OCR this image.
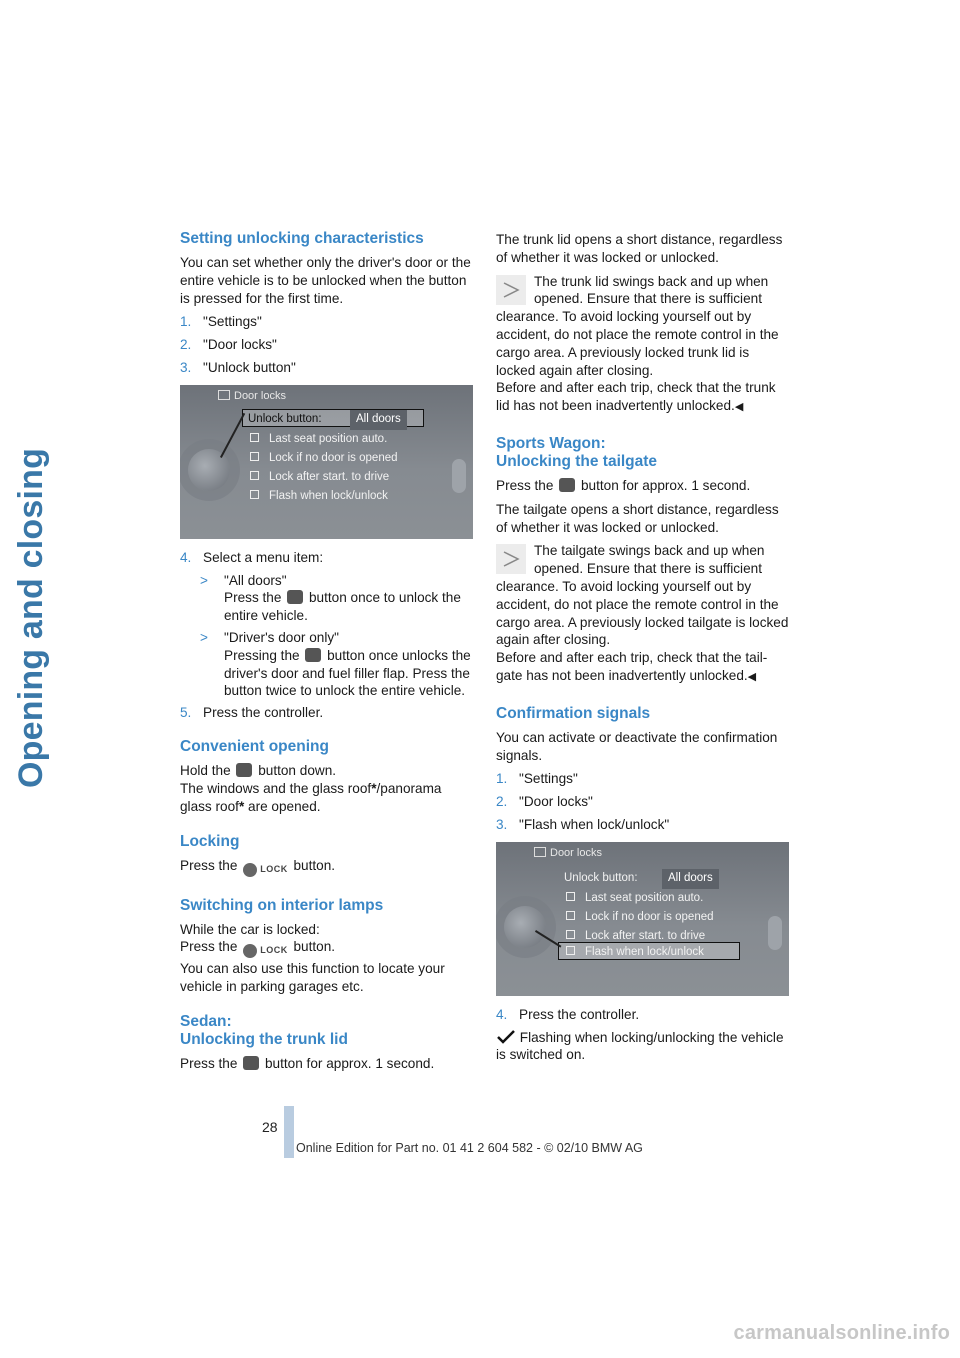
Opening and closing
Setting unlocking characteristics

You can set whether only the driver's door or the entire vehicle is to be unlocked when the button is pressed for the first time.

1. "Settings"
2. "Door locks"
3. "Unlock button"
Door locks
Unlock button:	All doors
Last seat position auto.
Lock if no door is opened
Lock after start. to drive
Flash when lock/unlock
4. Select a menu item:
>	"All doors"
Press the button once to unlock the entire vehicle.
>	"Driver's door only"
Pressing the button once unlocks the driver's door and fuel filler flap. Press the button twice to unlock the entire vehicle.
5. Press the controller.
Convenient opening

Hold the button down.
The windows and the glass roof*/panorama glass roof* are opened.

Locking

Press the	LOCK button.

Switching on interior lamps

While the car is locked:
Press the	LOCK button.
You can also use this function to locate your vehicle in parking garages etc.

Sedan:
Unlocking the trunk lid

Press the button for approx. 1 second.

The trunk lid opens a short distance, regardless of whether it was locked or unlocked.

The trunk lid swings back and up when opened. Ensure that there is sufficient clearance. To avoid locking yourself out by accident, do not place the remote control in the cargo area. A previously locked trunk lid is locked again after closing.
Before and after each trip, check that the trunk lid has not been inadvertently unlocked.◀
Sports Wagon:
Unlocking the tailgate

Press the button for approx. 1 second.

The tailgate opens a short distance, regardless of whether it was locked or unlocked.

The tailgate swings back and up when opened. Ensure that there is sufficient clearance. To avoid locking yourself out by accident, do not place the remote control in the cargo area. A previously locked tailgate is locked again after closing.
Before and after each trip, check that the tail-gate has not been inadvertently unlocked.◀
Confirmation signals

You can activate or deactivate the confirmation signals.

1. "Settings"
2. "Door locks"
3. "Flash when lock/unlock"
Door locks
Unlock button:	All doors
Last seat position auto.
Lock if no door is opened
Lock after start. to drive
Flash when lock/unlock
4. Press the controller.

Flashing when locking/unlocking the vehicle is switched on.

28
Online Edition for Part no. 01 41 2 604 582 - © 02/10 BMW AG
carmanualsonline.info
